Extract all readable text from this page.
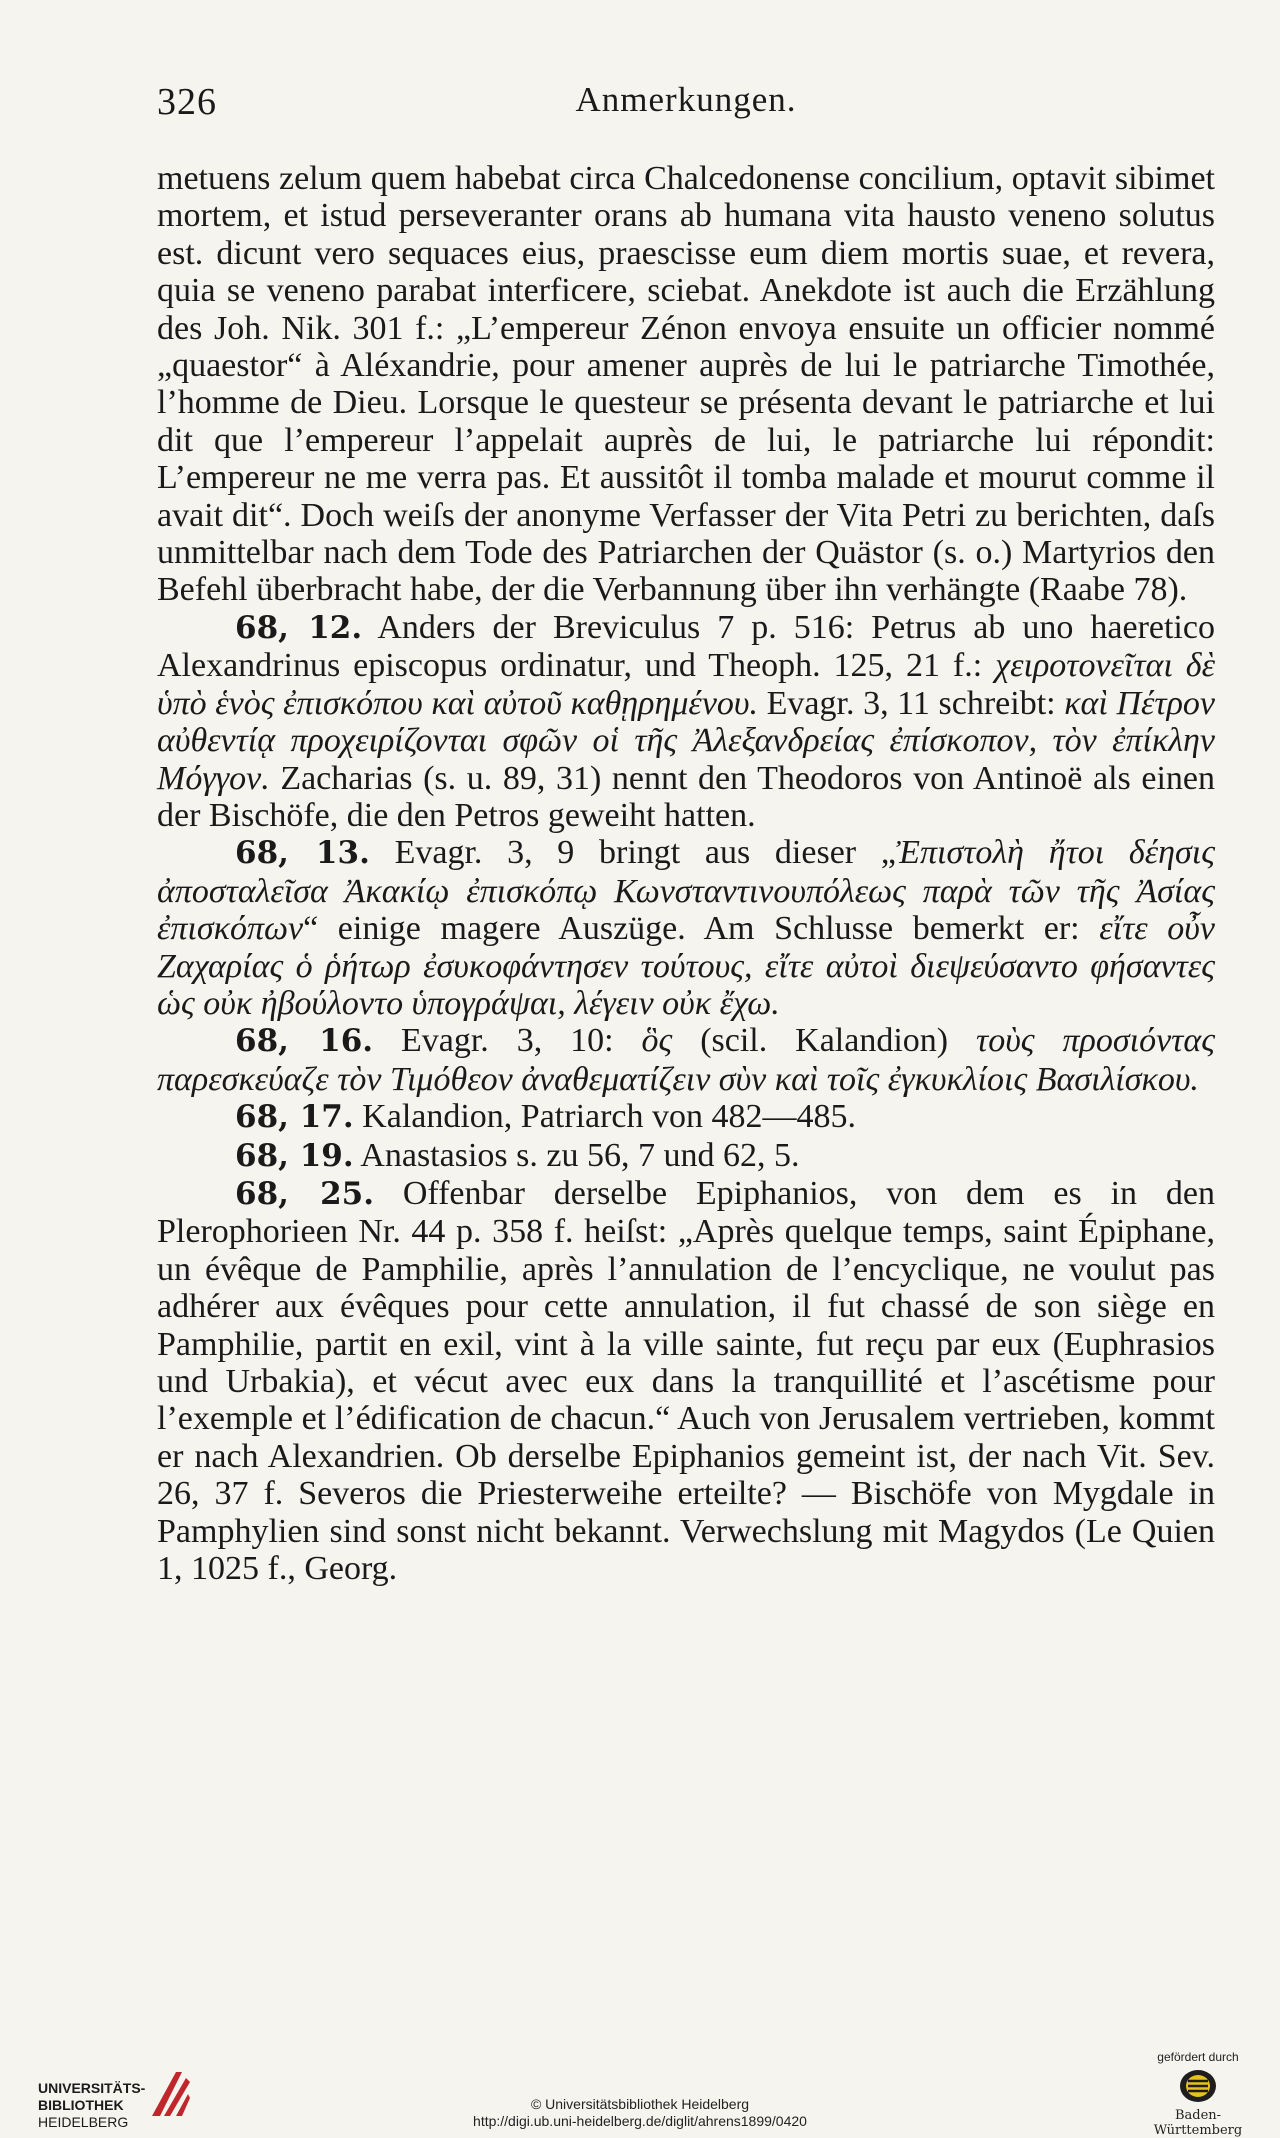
326	Anmerkungen.

metuens zelum quem habebat circa Chalcedonense concilium, optavit sibimet mortem, et istud perseveranter orans ab humana vita hausto veneno solutus est. dicunt vero sequaces eius, praescisse eum diem mortis suae, et revera, quia se veneno parabat interficere, sciebat. Anekdote ist auch die Erzählung des Joh. Nik. 301 f.: „L’empereur Zénon envoya ensuite un officier nommé „quaestor“ à Aléxandrie, pour amener auprès de lui le patriarche Timothée, l’homme de Dieu. Lorsque le questeur se présenta devant le patriarche et lui dit que l’empereur l’appelait auprès de lui, le patriarche lui répondit: L’empereur ne me verra pas. Et aussitôt il tomba malade et mourut comme il avait dit“. Doch weiſs der anonyme Verfasser der Vita Petri zu berichten, daſs unmittelbar nach dem Tode des Patriarchen der Quästor (s. o.) Martyrios den Befehl überbracht habe, der die Verbannung über ihn verhängte (Raabe 78).

68, 12. Anders der Breviculus 7 p. 516: Petrus ab uno haeretico Alexandrinus episcopus ordinatur, und Theoph. 125, 21 f.: χειροτονεῖται δὲ ὑπὸ ἑνὸς ἐπισκόπου καὶ αὐτοῦ καθῃρημένου. Evagr. 3, 11 schreibt: καὶ Πέτρον αὐθεντίᾳ προχειρίζονται σφῶν οἱ τῆς Ἀλεξανδρείας ἐπίσκοπον, τὸν ἐπίκλην Μόγγον. Zacharias (s. u. 89, 31) nennt den Theodoros von Antinoë als einen der Bischöfe, die den Petros geweiht hatten.

68, 13. Evagr. 3, 9 bringt aus dieser „Ἐπιστολὴ ἤτοι δέησις ἀποσταλεῖσα Ἀκακίῳ ἐπισκόπῳ Κωνσταντινουπόλεως παρὰ τῶν τῆς Ἀσίας ἐπισκόπων“ einige magere Auszüge. Am Schlusse bemerkt er: εἴτε οὖν Ζαχαρίας ὁ ῥήτωρ ἐσυκοφάντησεν τούτους, εἴτε αὐτοὶ διεψεύσαντο φήσαντες ὡς οὐκ ἠβούλοντο ὑπογράψαι, λέγειν οὐκ ἔχω.

68, 16. Evagr. 3, 10: ὃς (scil. Kalandion) τοὺς προσιόντας παρεσκεύαζε τὸν Τιμόθεον ἀναθεματίζειν σὺν καὶ τοῖς ἐγκυκλίοις Βασιλίσκου.

68, 17. Kalandion, Patriarch von 482—485.

68, 19. Anastasios s. zu 56, 7 und 62, 5.

68, 25. Offenbar derselbe Epiphanios, von dem es in den Plerophorieen Nr. 44 p. 358 f. heiſst: „Après quelque temps, saint Épiphane, un évêque de Pamphilie, après l’annulation de l’encyclique, ne voulut pas adhérer aux évêques pour cette annulation, il fut chassé de son siège en Pamphilie, partit en exil, vint à la ville sainte, fut reçu par eux (Euphrasios und Urbakia), et vécut avec eux dans la tranquillité et l’ascétisme pour l’exemple et l’édification de chacun.“ Auch von Jerusalem vertrieben, kommt er nach Alexandrien. Ob derselbe Epiphanios gemeint ist, der nach Vit. Sev. 26, 37 f. Severos die Priesterweihe erteilte? — Bischöfe von Mygdale in Pamphylien sind sonst nicht bekannt. Verwechslung mit Magydos (Le Quien 1, 1025 f., Georg.

UNIVERSITÄTS-
BIBLIOTHEK
HEIDELBERG
© Universitätsbibliothek Heidelberg
http://digi.ub.uni-heidelberg.de/diglit/ahrens1899/0420
gefördert durch
Baden-Württemberg
